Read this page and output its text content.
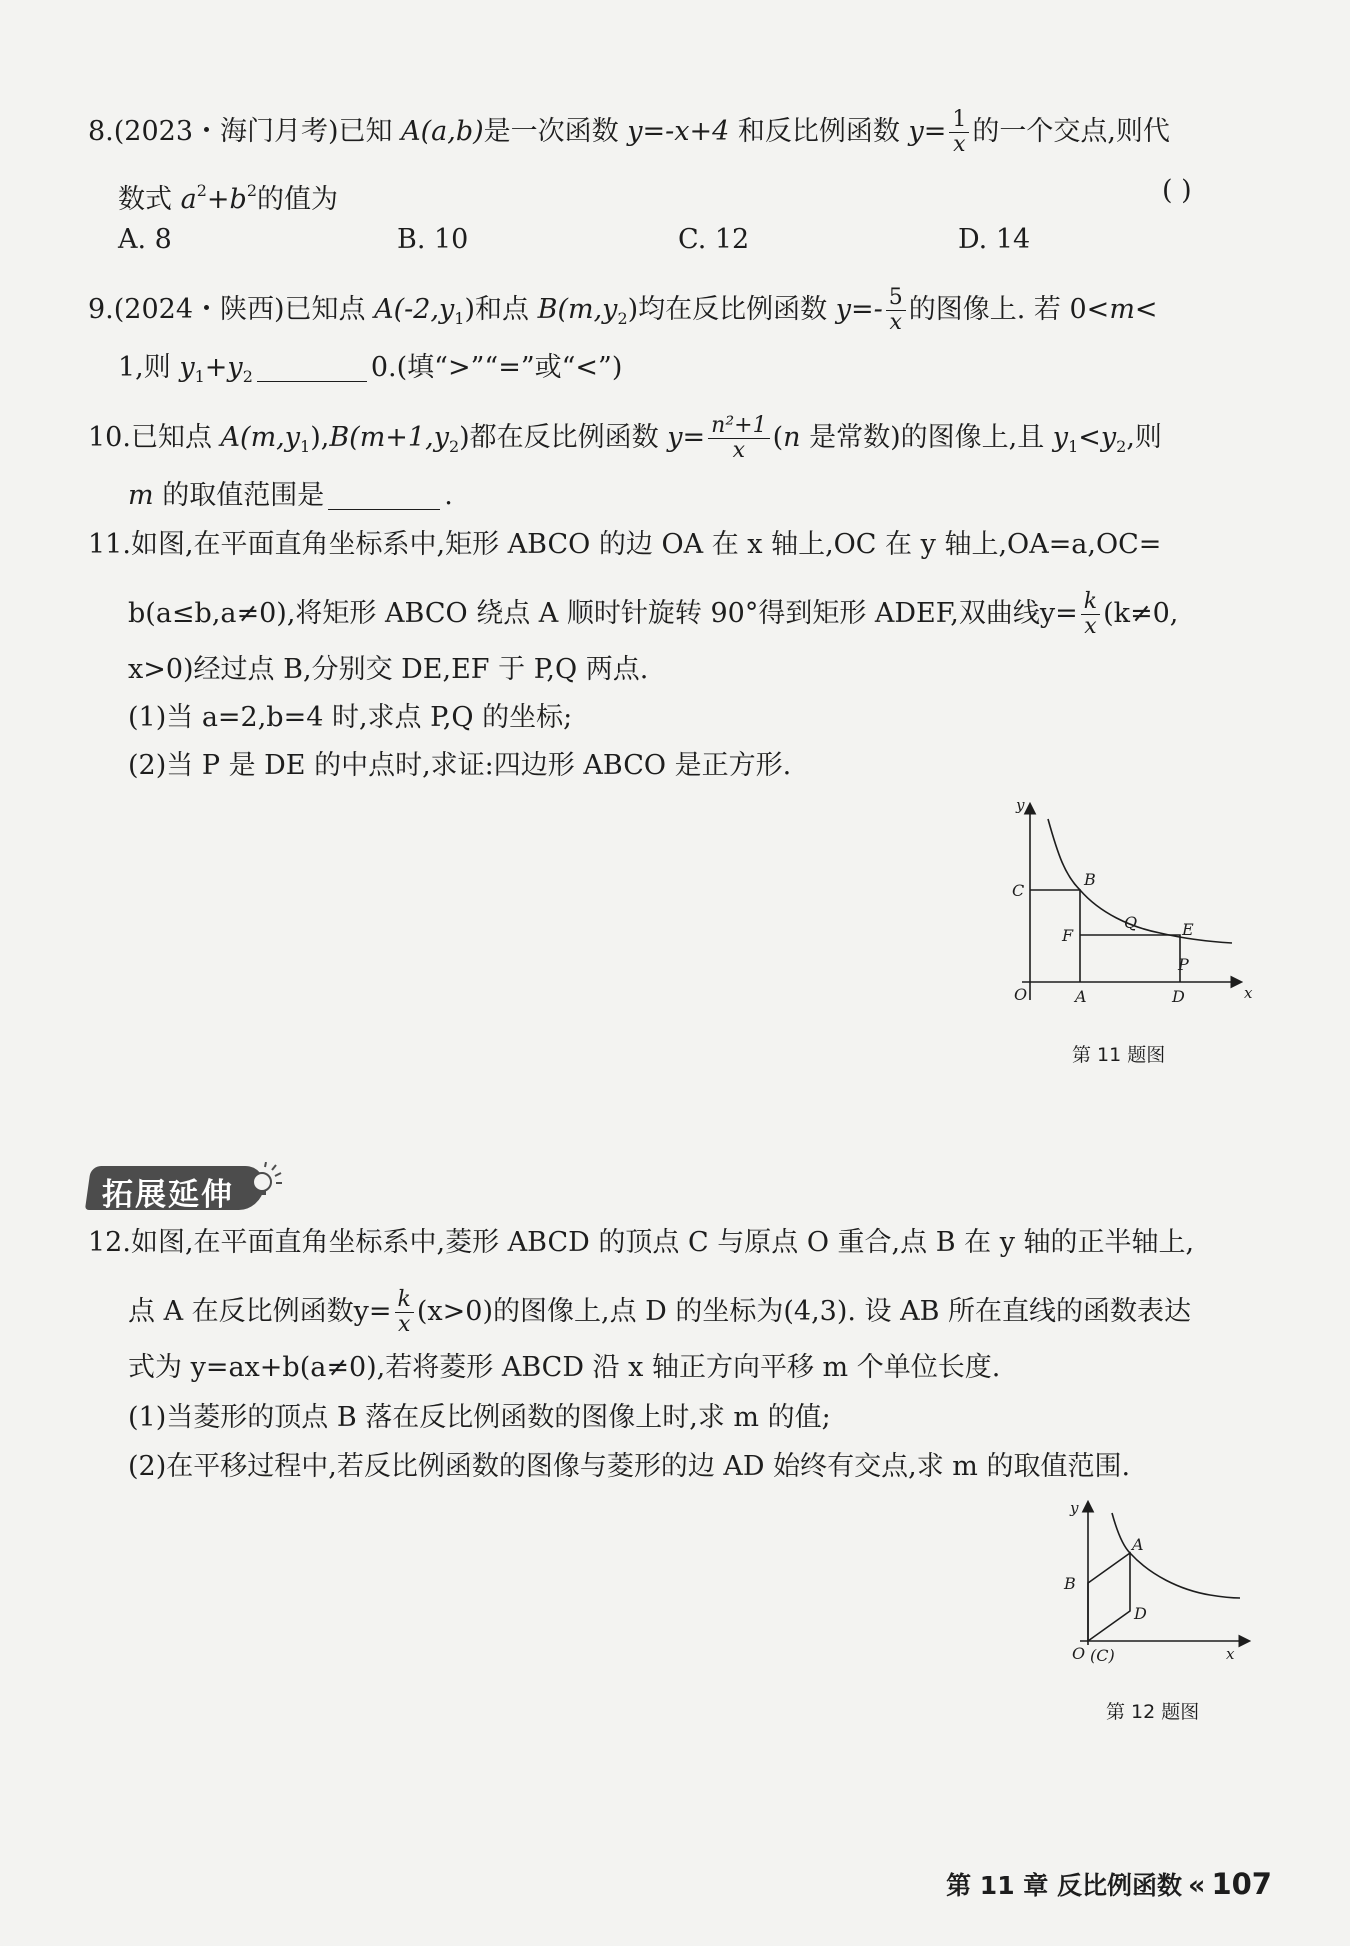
8.(2023・海门月考)已知 A(a,b)是一次函数 y=-x+4 和反比例函数 $y= \frac{1}{x}$ 的一个交点,则代
数式 $a^2+b^2$的值为	( )
A. 8	B. 10	C. 12	D. 14
9.(2024・陕西)已知点 $A(-2,y_1)$和点 $B(m,y_2)$均在反比例函数 $y=- \frac{5}{x}$ 的图像上. 若 0<m<
1,则 $y_1+y_2$	0.(填“>”“=”或“<”)
10.已知点 $A(m,y_1),B(m+1,y_2)$都在反比例函数 $y= \frac{\text{n²+1}}{x} (n$ 是常数)的图像上,且 $y_1<y_2$,则
m 的取值范围是	.
11.如图,在平面直角坐标系中,矩形 ABCO 的边 OA 在 x 轴上,OC 在 y 轴上,OA=a,OC=
b(a≤b,a≠0),将矩形 ABCO 绕点 A 顺时针旋转 90°得到矩形 ADEF,双曲线$y= \frac{k}{x} (k\ne 0$,
x>0)经过点 B,分别交 DE,EF 于 P,Q 两点.
(1)当 a=2,b=4 时,求点 P,Q 的坐标;
(2)当 P 是 DE 的中点时,求证:四边形 ABCO 是正方形.
y
x
O
C
B
F
Q	E
P
A	D
第 11 题图
拓展延伸
12.如图,在平面直角坐标系中,菱形 ABCD 的顶点 C 与原点 O 重合,点 B 在 y 轴的正半轴上,
点 A 在反比例函数$y= \frac{k}{x} (x>0)$的图像上,点 D 的坐标为(4,3). 设 AB 所在直线的函数表达
式为 y=ax+b(a≠0),若将菱形 ABCD 沿 x 轴正方向平移 m 个单位长度.
(1)当菱形的顶点 B 落在反比例函数的图像上时,求 m 的值;
(2)在平移过程中,若反比例函数的图像与菱形的边 AD 始终有交点,求 m 的取值范围.
y
x
O (C)
B
A
D
第 12 题图
第 11 章 反比例函数 « 107
